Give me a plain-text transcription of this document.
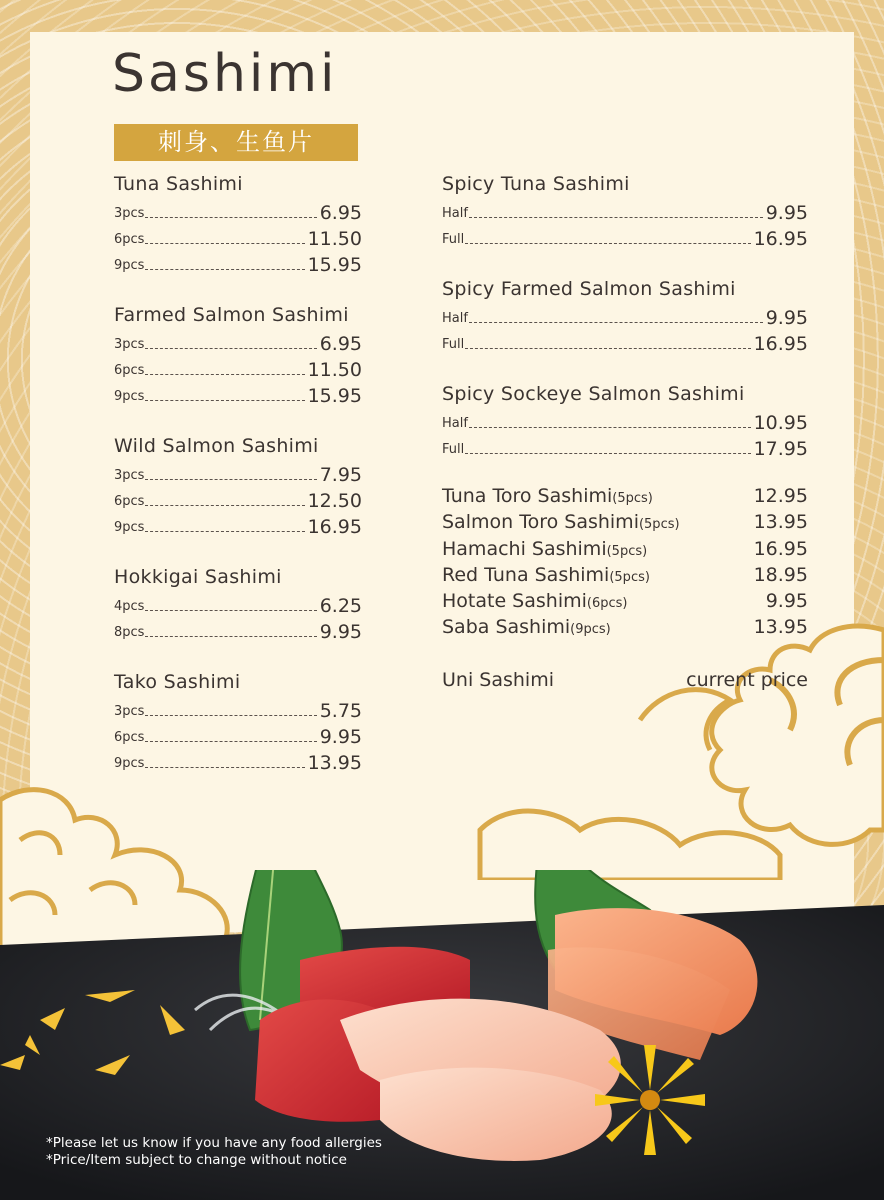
Sashimi
刺身、生鱼片
Tuna Sashimi
3pcs	6.95
6pcs	11.50
9pcs	15.95
Farmed Salmon Sashimi
3pcs	6.95
6pcs	11.50
9pcs	15.95
Wild Salmon Sashimi
3pcs	7.95
6pcs	12.50
9pcs	16.95
Hokkigai Sashimi
4pcs	6.25
8pcs	9.95
Tako Sashimi
3pcs	5.75
6pcs	9.95
9pcs	13.95
Spicy Tuna Sashimi
Half	9.95
Full	16.95
Spicy Farmed Salmon Sashimi
Half	9.95
Full	16.95
Spicy Sockeye Salmon Sashimi
Half	10.95
Full	17.95
Tuna Toro Sashimi(5pcs)	12.95
Salmon Toro Sashimi(5pcs)	13.95
Hamachi Sashimi(5pcs)	16.95
Red Tuna Sashimi(5pcs)	18.95
Hotate Sashimi(6pcs)	9.95
Saba Sashimi(9pcs)	13.95
Uni Sashimi	current price
*Please let us know if you have any food allergies
*Price/Item subject to change without notice
